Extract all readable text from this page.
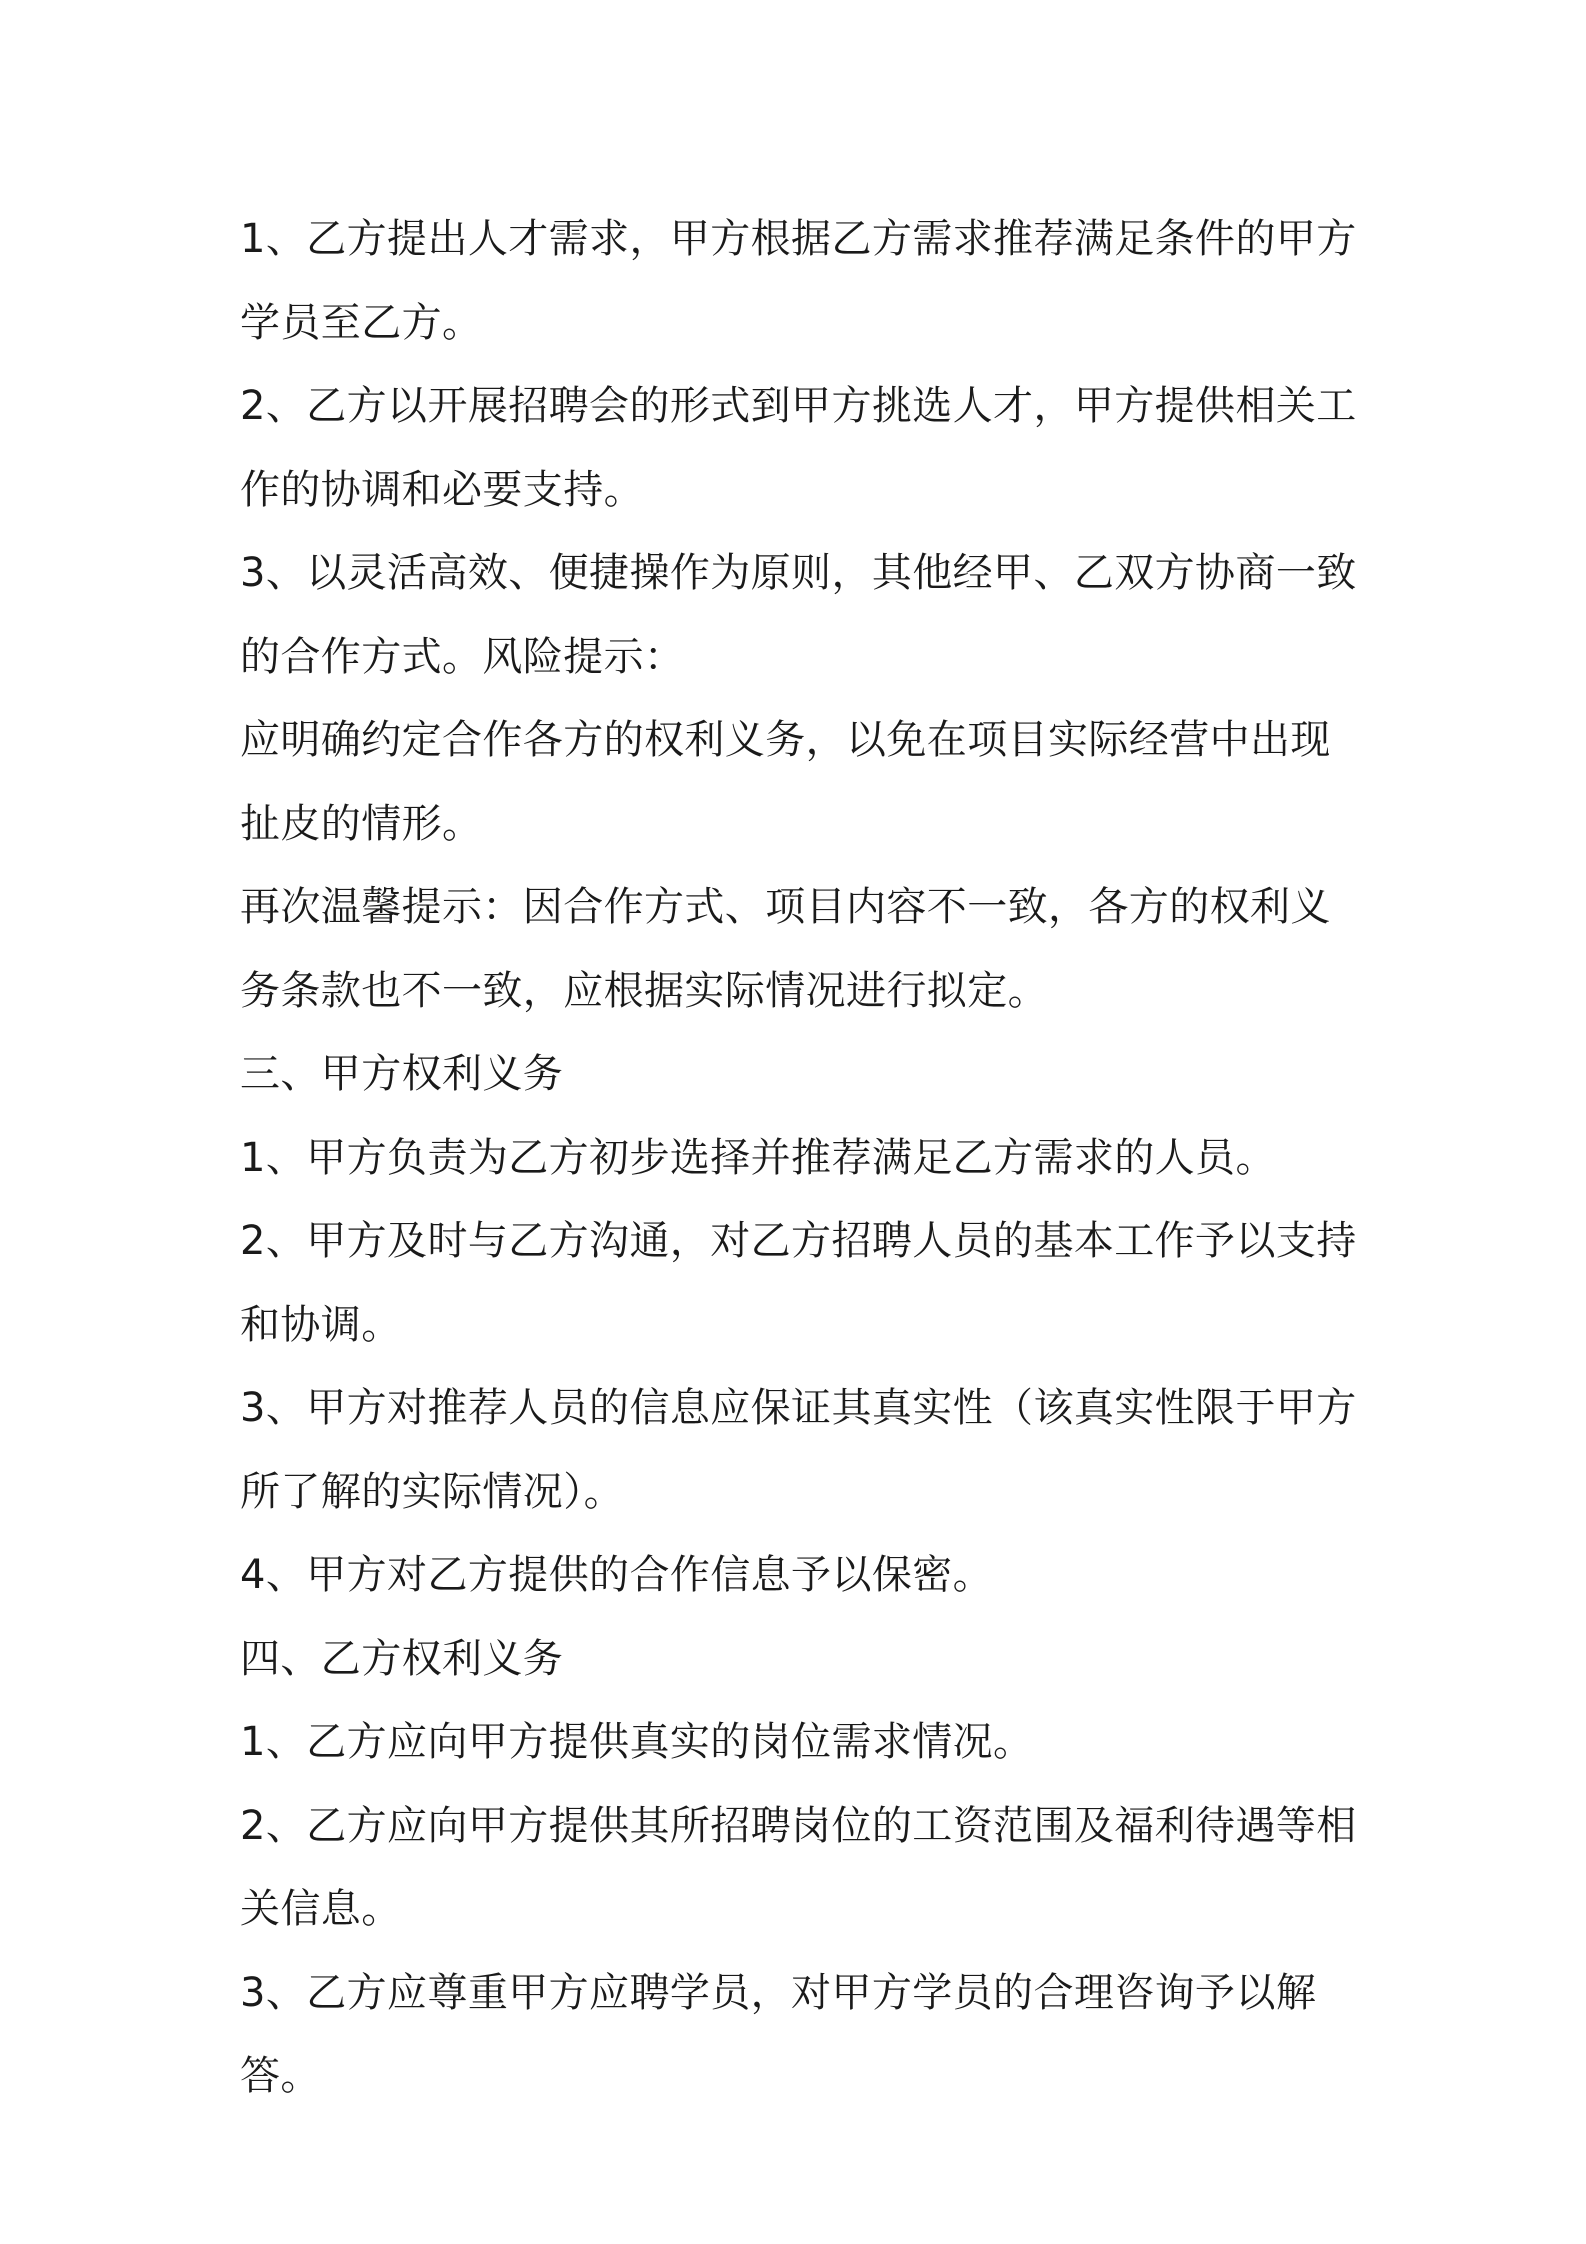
1、乙方提出人才需求，甲方根据乙方需求推荐满足条件的甲方学员至乙方。

2、乙方以开展招聘会的形式到甲方挑选人才，甲方提供相关工作的协调和必要支持。

3、以灵活高效、便捷操作为原则，其他经甲、乙双方协商一致的合作方式。风险提示：

应明确约定合作各方的权利义务，以免在项目实际经营中出现扯皮的情形。

再次温馨提示：因合作方式、项目内容不一致，各方的权利义务条款也不一致，应根据实际情况进行拟定。

三、甲方权利义务

1、甲方负责为乙方初步选择并推荐满足乙方需求的人员。

2、甲方及时与乙方沟通，对乙方招聘人员的基本工作予以支持和协调。

3、甲方对推荐人员的信息应保证其真实性（该真实性限于甲方所了解的实际情况）。

4、甲方对乙方提供的合作信息予以保密。

四、乙方权利义务

1、乙方应向甲方提供真实的岗位需求情况。

2、乙方应向甲方提供其所招聘岗位的工资范围及福利待遇等相关信息。

3、乙方应尊重甲方应聘学员，对甲方学员的合理咨询予以解答。
